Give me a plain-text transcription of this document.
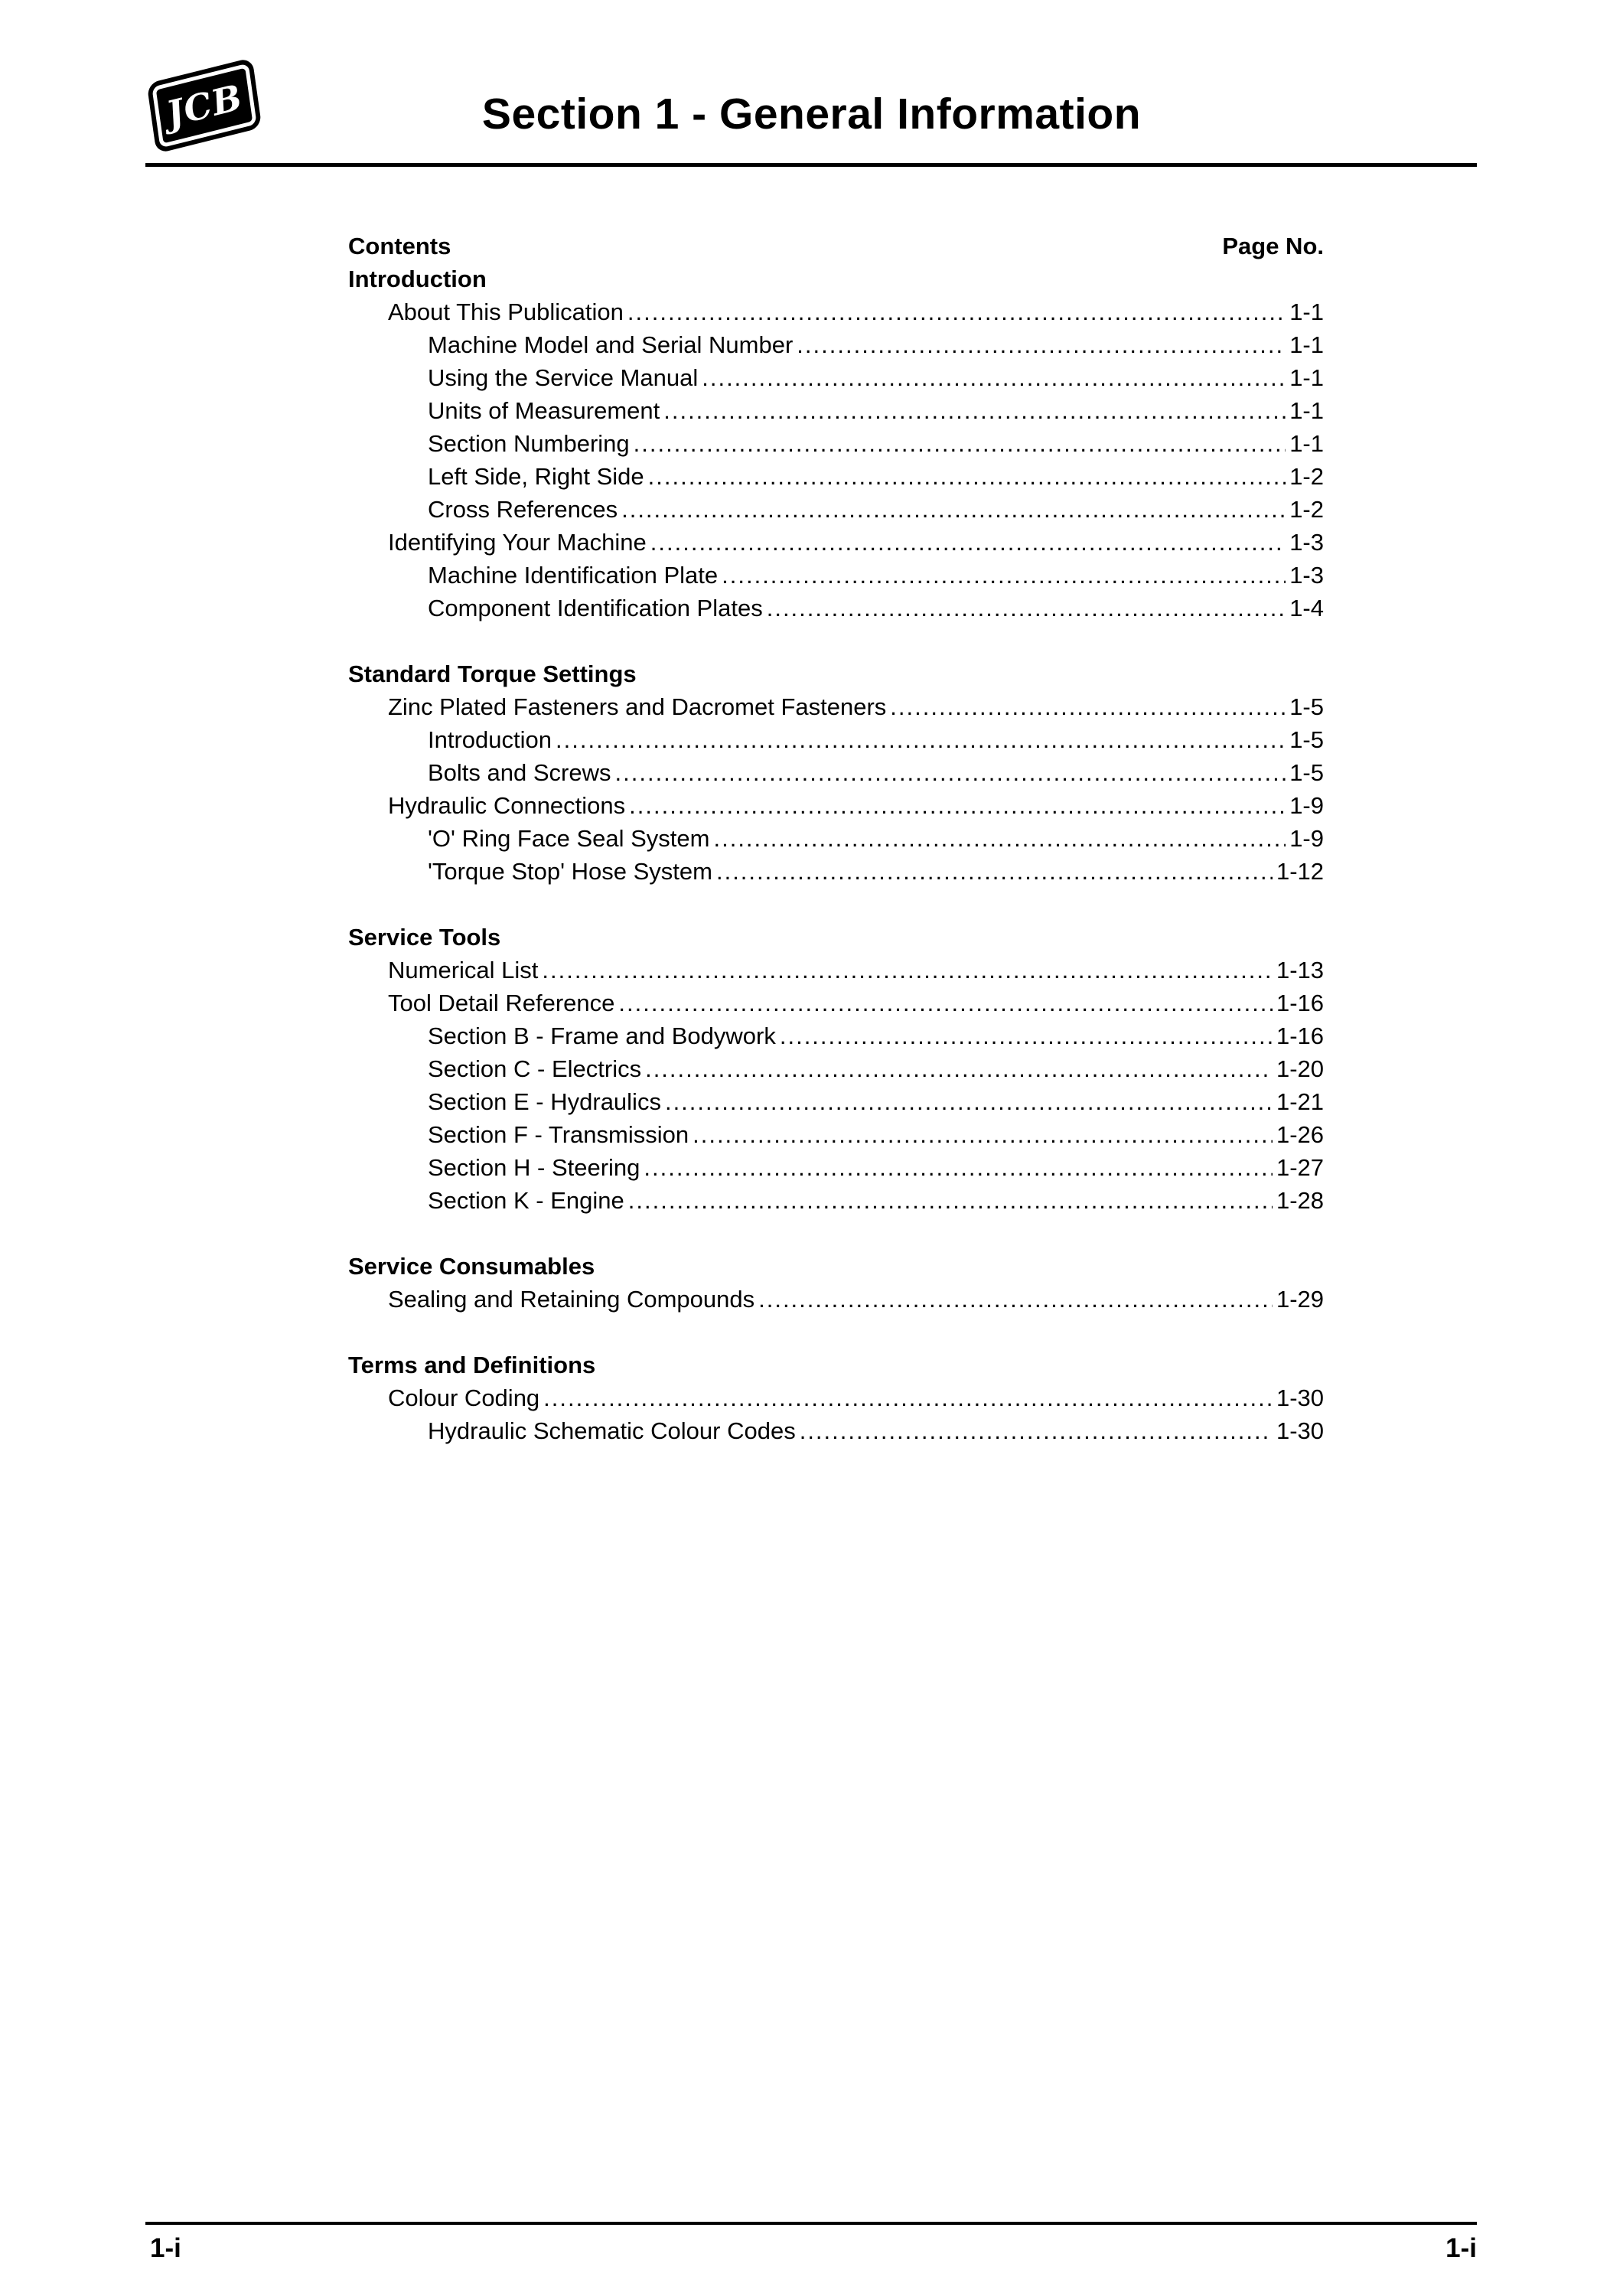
JCB	Section 1 - General Information
Contents	Page No.
Introduction
About This Publication .....	1-1
Machine Model and Serial Number .....	1-1
Using the Service Manual .....	1-1
Units of Measurement .....	1-1
Section Numbering .....	1-1
Left Side, Right Side .....	1-2
Cross References .....	1-2
Identifying Your Machine .....	1-3
Machine Identification Plate .....	1-3
Component Identification Plates .....	1-4
Standard Torque Settings
Zinc Plated Fasteners and Dacromet Fasteners .....	1-5
Introduction .....	1-5
Bolts and Screws .....	1-5
Hydraulic Connections .....	1-9
'O' Ring Face Seal System .....	1-9
'Torque Stop' Hose System .....	1-12
Service Tools
Numerical List .....	1-13
Tool Detail Reference .....	1-16
Section B - Frame and Bodywork .....	1-16
Section C - Electrics .....	1-20
Section E - Hydraulics .....	1-21
Section F - Transmission .....	1-26
Section H - Steering .....	1-27
Section K - Engine .....	1-28
Service Consumables
Sealing and Retaining Compounds .....	1-29
Terms and Definitions
Colour Coding .....	1-30
Hydraulic Schematic Colour Codes .....	1-30
1-i	1-i
